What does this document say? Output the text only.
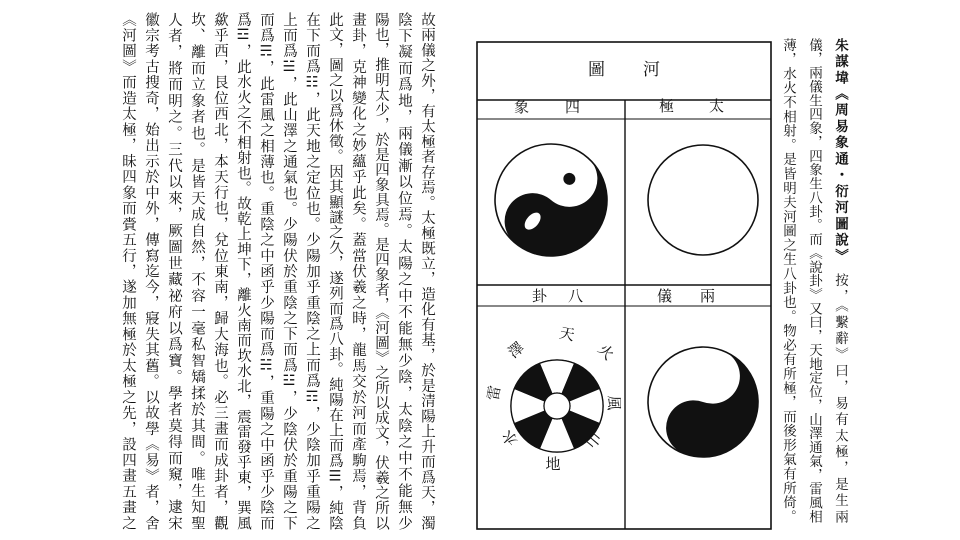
故兩儀之外，有太極者存焉。太極既立，造化有基，於是清陽上升而爲天，濁
陰下凝而爲地，兩儀漸以位焉。太陽之中不能無少陰，太陰之中不能無少
陽也，推明太少，於是四象具焉。是四象者，《河圖》之所以成文，伏羲之所以
畫卦，克神變化之妙蘊乎此矣。蓋當伏羲之時，龍馬交於河而產駒焉，背負
此文，圖之以爲休徵。因其顯謎之久，遂列而爲八卦。純陽在上而爲☰，純陰
在下而爲☷，此天地之定位也。少陽加乎重陰之上而爲☶，少陰加乎重陽之
上而爲☱，此山澤之通氣也。少陽伏於重陰之下而爲☳，少陰伏於重陽之下
而爲☴，此雷風之相薄也。重陰之中函乎少陽而爲☵，重陽之中函乎少陰而
爲☲，此水火之不相射也。故乾上坤下，離火南而坎水北，震雷發乎東，巽風
歘乎西，艮位西北，本天行也，兌位東南，歸大海也。必三畫而成卦者，觀
坎、離而立象者也。是皆天成自然，不容一毫私智矯揉於其間。唯生知聖
人者，將而明之。三代以來，厥圖世藏祕府以爲寶。學者莫得而窺，逮宋
徽宗考古搜奇，始出示於中外，傳寫迄今，寢失其舊。以故學《易》者，舍
《河圖》而造太極，昧四象而賫五行，遂加無極於太極之先，設四畫五畫之	朱謀㙔《周易象通・衍河圖說》按，《繫辭》曰，易有太極，是生兩
儀，兩儀生四象，四象生八卦。而《說卦》又曰，天地定位，山澤通氣，雷風相
薄，水火不相射。是皆明夫河圖之生八卦也。物必有所極，而後形氣有所倚。
天
澤	火
雷
風
水	山
地
河圖
四象	太極
八卦	兩儀
